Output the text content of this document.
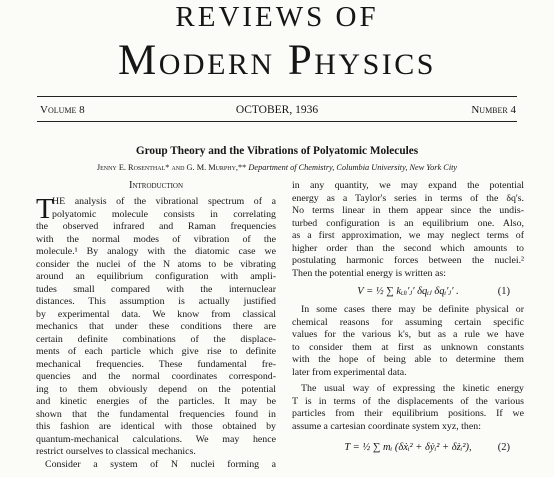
REVIEWS OF
Modern Physics
Volume 8	OCTOBER, 1936	Number 4
Group Theory and the Vibrations of Polyatomic Molecules
Jenny E. Rosenthal* and G. M. Murphy,** Department of Chemistry, Columbia University, New York City
Introduction
HE analysis of the vibrational spectrum of a
polyatomic molecule consists in correlating
the observed infrared and Raman frequencies
with the normal modes of vibration of the
molecule.¹ By analogy with the diatomic case we
consider the nuclei of the N atoms to be vibrating
around an equilibrium configuration with ampli-
tudes small compared with the internuclear
distances. This assumption is actually justified
by experimental data. We know from classical
mechanics that under these conditions there are
certain definite combinations of the displace-
ments of each particle which give rise to definite
mechanical frequencies. These fundamental fre-
quencies and the normal coordinates correspond-
ing to them obviously depend on the potential
and kinetic energies of the particles. It may be
shown that the fundamental frequencies found in
this fashion are identical with those obtained by
quantum-mechanical calculations. We may hence
restrict ourselves to classical mechanics.
Consider a system of N nuclei forming a
T
in any quantity, we may expand the potential
energy as a Taylor's series in terms of the δq's.
No terms linear in them appear since the undis-
turbed configuration is an equilibrium one. Also,
as a first approximation, we may neglect terms of
higher order than the second which amounts to
postulating harmonic forces between the nuclei.²
Then the potential energy is written as:
V = ½ ∑ kᵢⱼᵢ′ⱼ′ δqᵢⱼ δqᵢ′ⱼ′ .	(1)
In some cases there may be definite physical or
chemical reasons for assuming certain specific
values for the various k's, but as a rule we have
to consider them at first as unknown constants
with the hope of being able to determine them
later from experimental data.
The usual way of expressing the kinetic energy
T is in terms of the displacements of the various
particles from their equilibrium positions. If we
assume a cartesian coordinate system xyz, then:
T = ½ ∑ mᵢ (δẋᵢ² + δẏᵢ² + δżᵢ²), (2)
